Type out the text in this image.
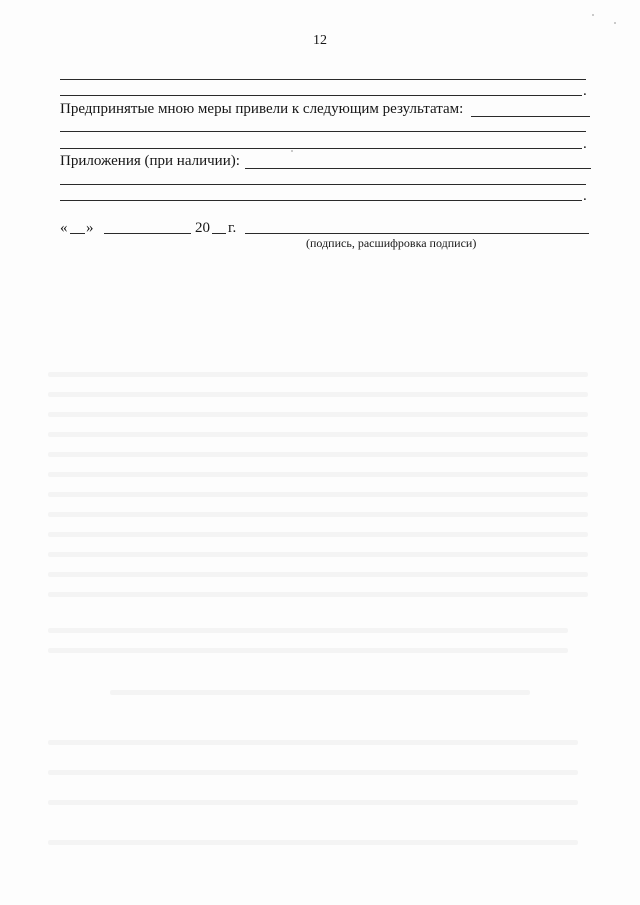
12
.
Предпринятые мною меры привели к следующим результатам:
.
Приложения (при наличии):
.
« »	20 г.
(подпись, расшифровка подписи)
